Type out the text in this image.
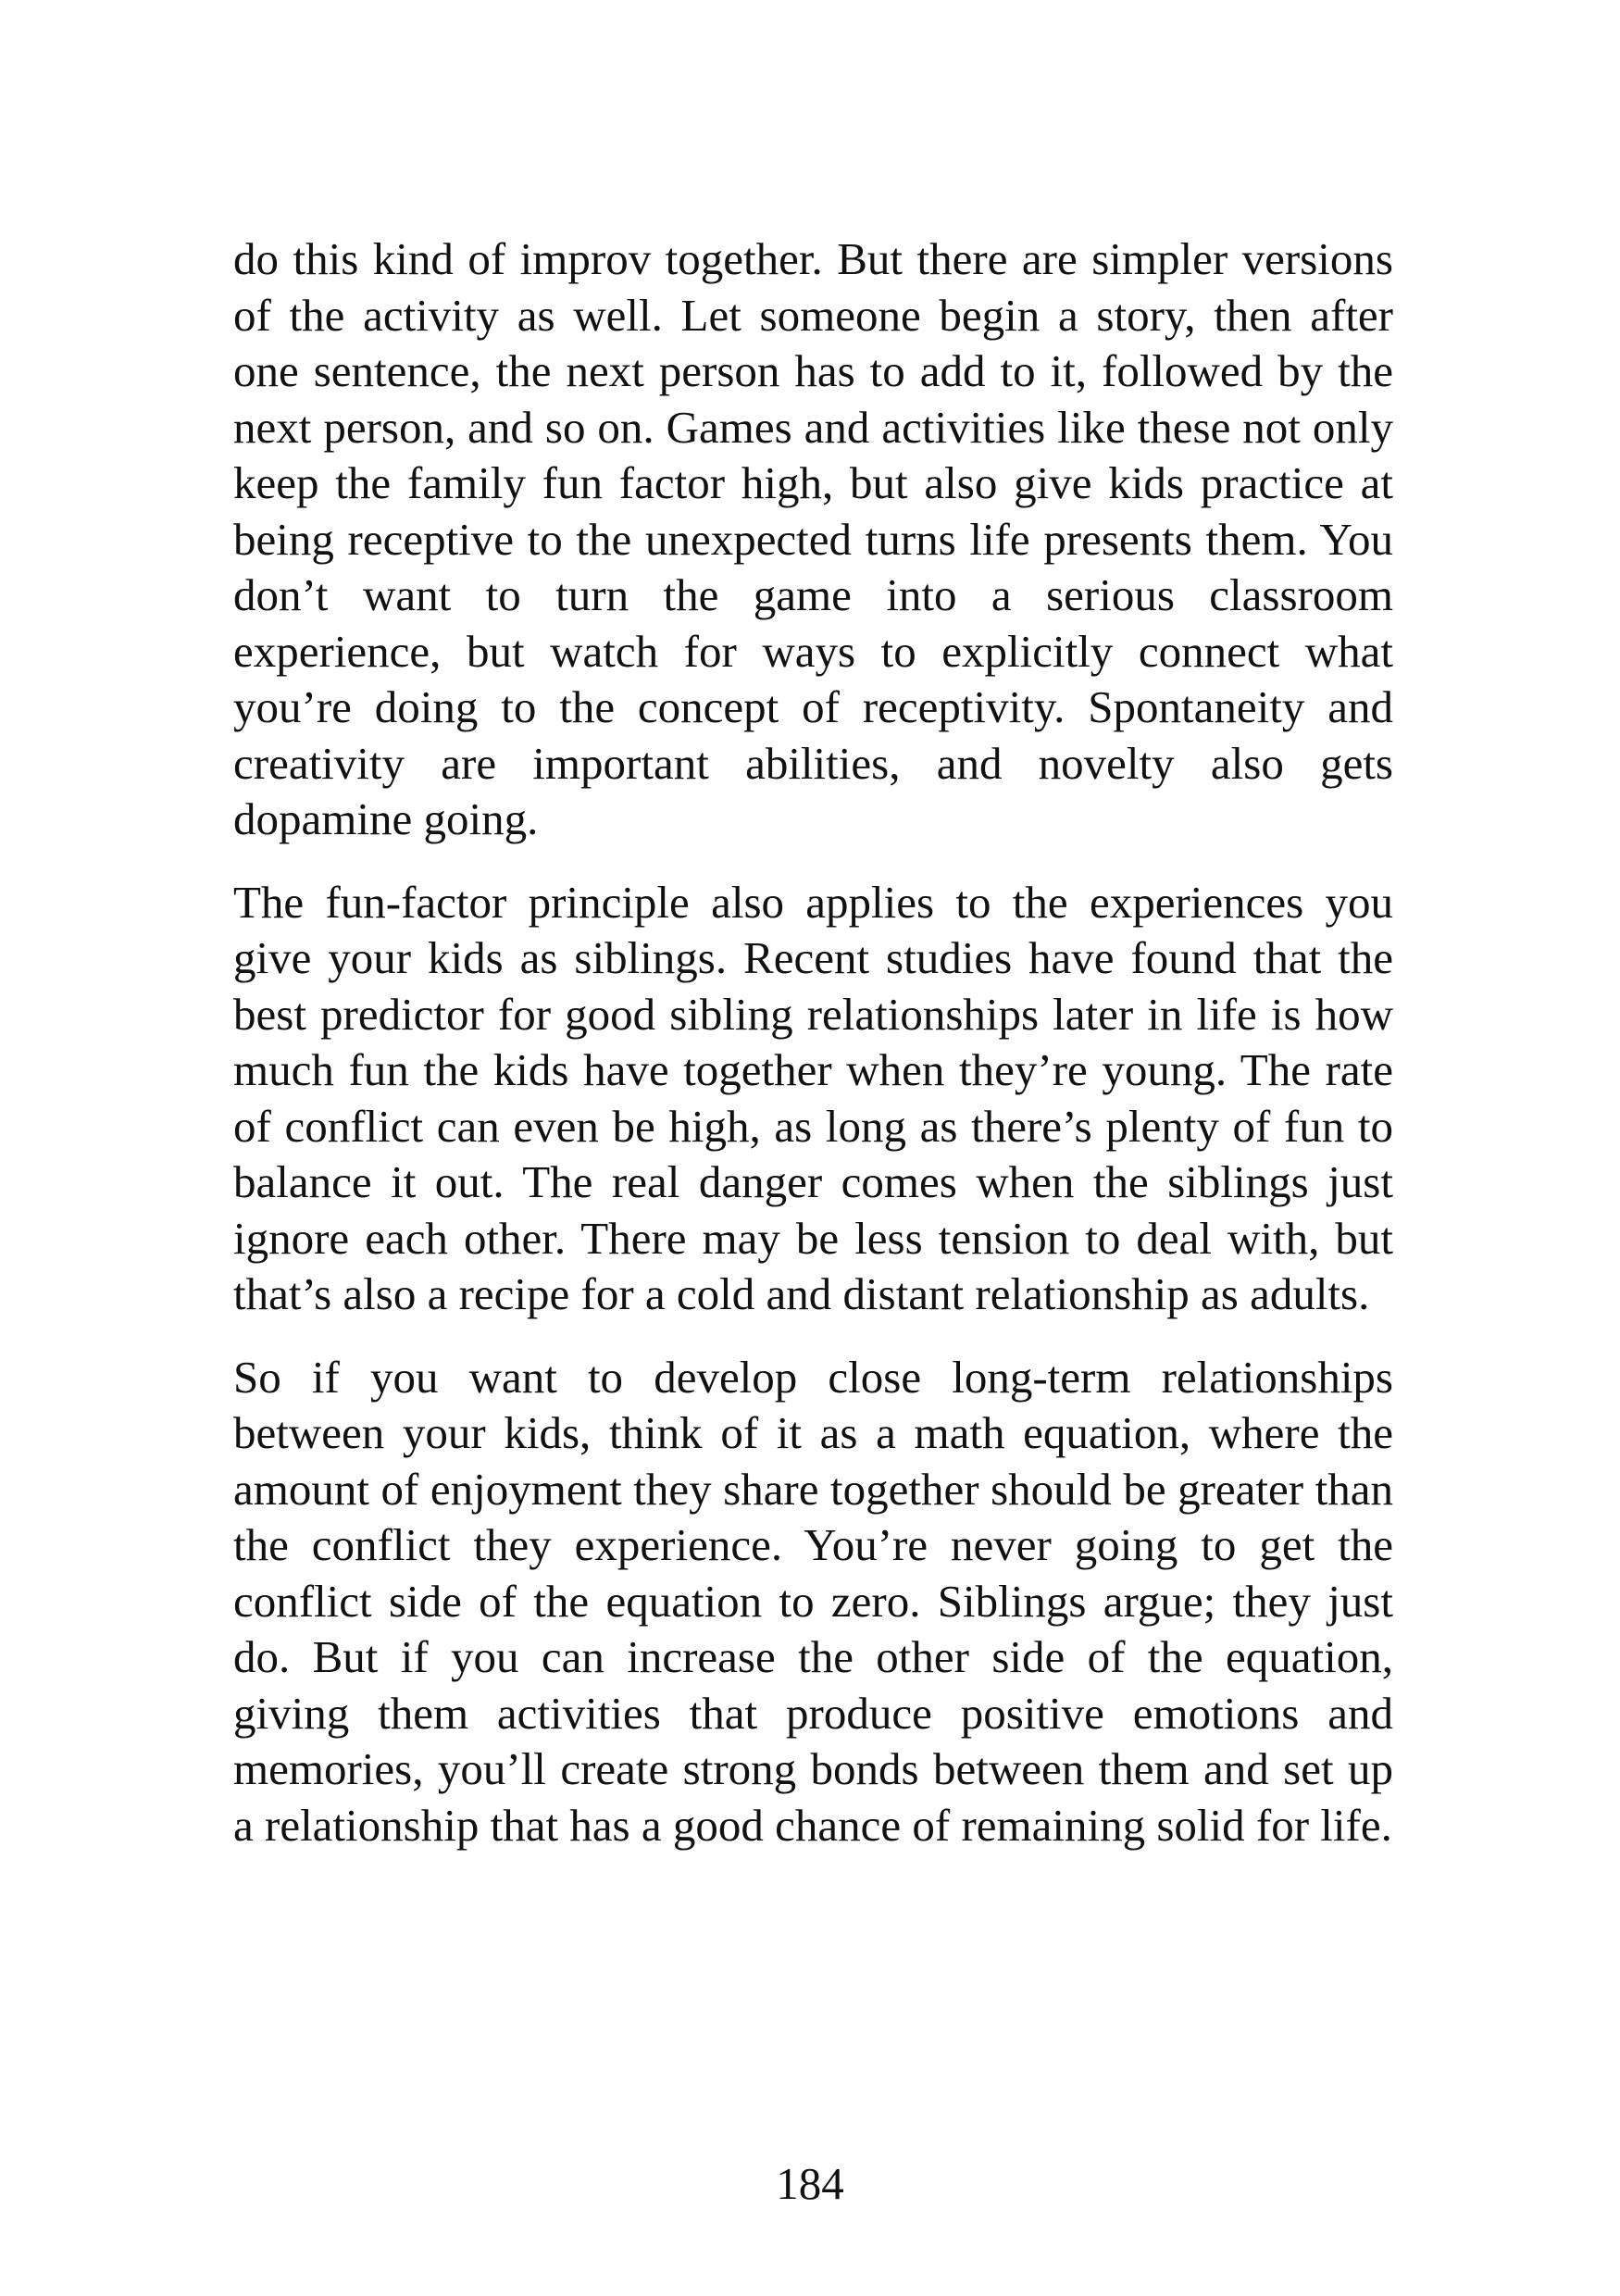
do this kind of improv together. But there are simpler versions of the activity as well. Let someone begin a story, then after one sentence, the next person has to add to it, followed by the next person, and so on. Games and activities like these not only keep the family fun factor high, but also give kids practice at being receptive to the unexpected turns life presents them. You don’t want to turn the game into a serious classroom experience, but watch for ways to explicitly connect what you’re doing to the concept of receptivity. Spontaneity and creativity are important abilities, and novelty also gets dopamine going.

The fun-factor principle also applies to the experiences you give your kids as siblings. Recent studies have found that the best predictor for good sibling relationships later in life is how much fun the kids have together when they’re young. The rate of conflict can even be high, as long as there’s plenty of fun to balance it out. The real danger comes when the siblings just ignore each other. There may be less tension to deal with, but that’s also a recipe for a cold and distant relationship as adults.

So if you want to develop close long-term relationships between your kids, think of it as a math equation, where the amount of enjoyment they share together should be greater than the conflict they experience. You’re never going to get the conflict side of the equation to zero. Siblings argue; they just do. But if you can increase the other side of the equation, giving them activities that produce positive emotions and memories, you’ll create strong bonds between them and set up a relationship that has a good chance of remaining solid for life.

184
